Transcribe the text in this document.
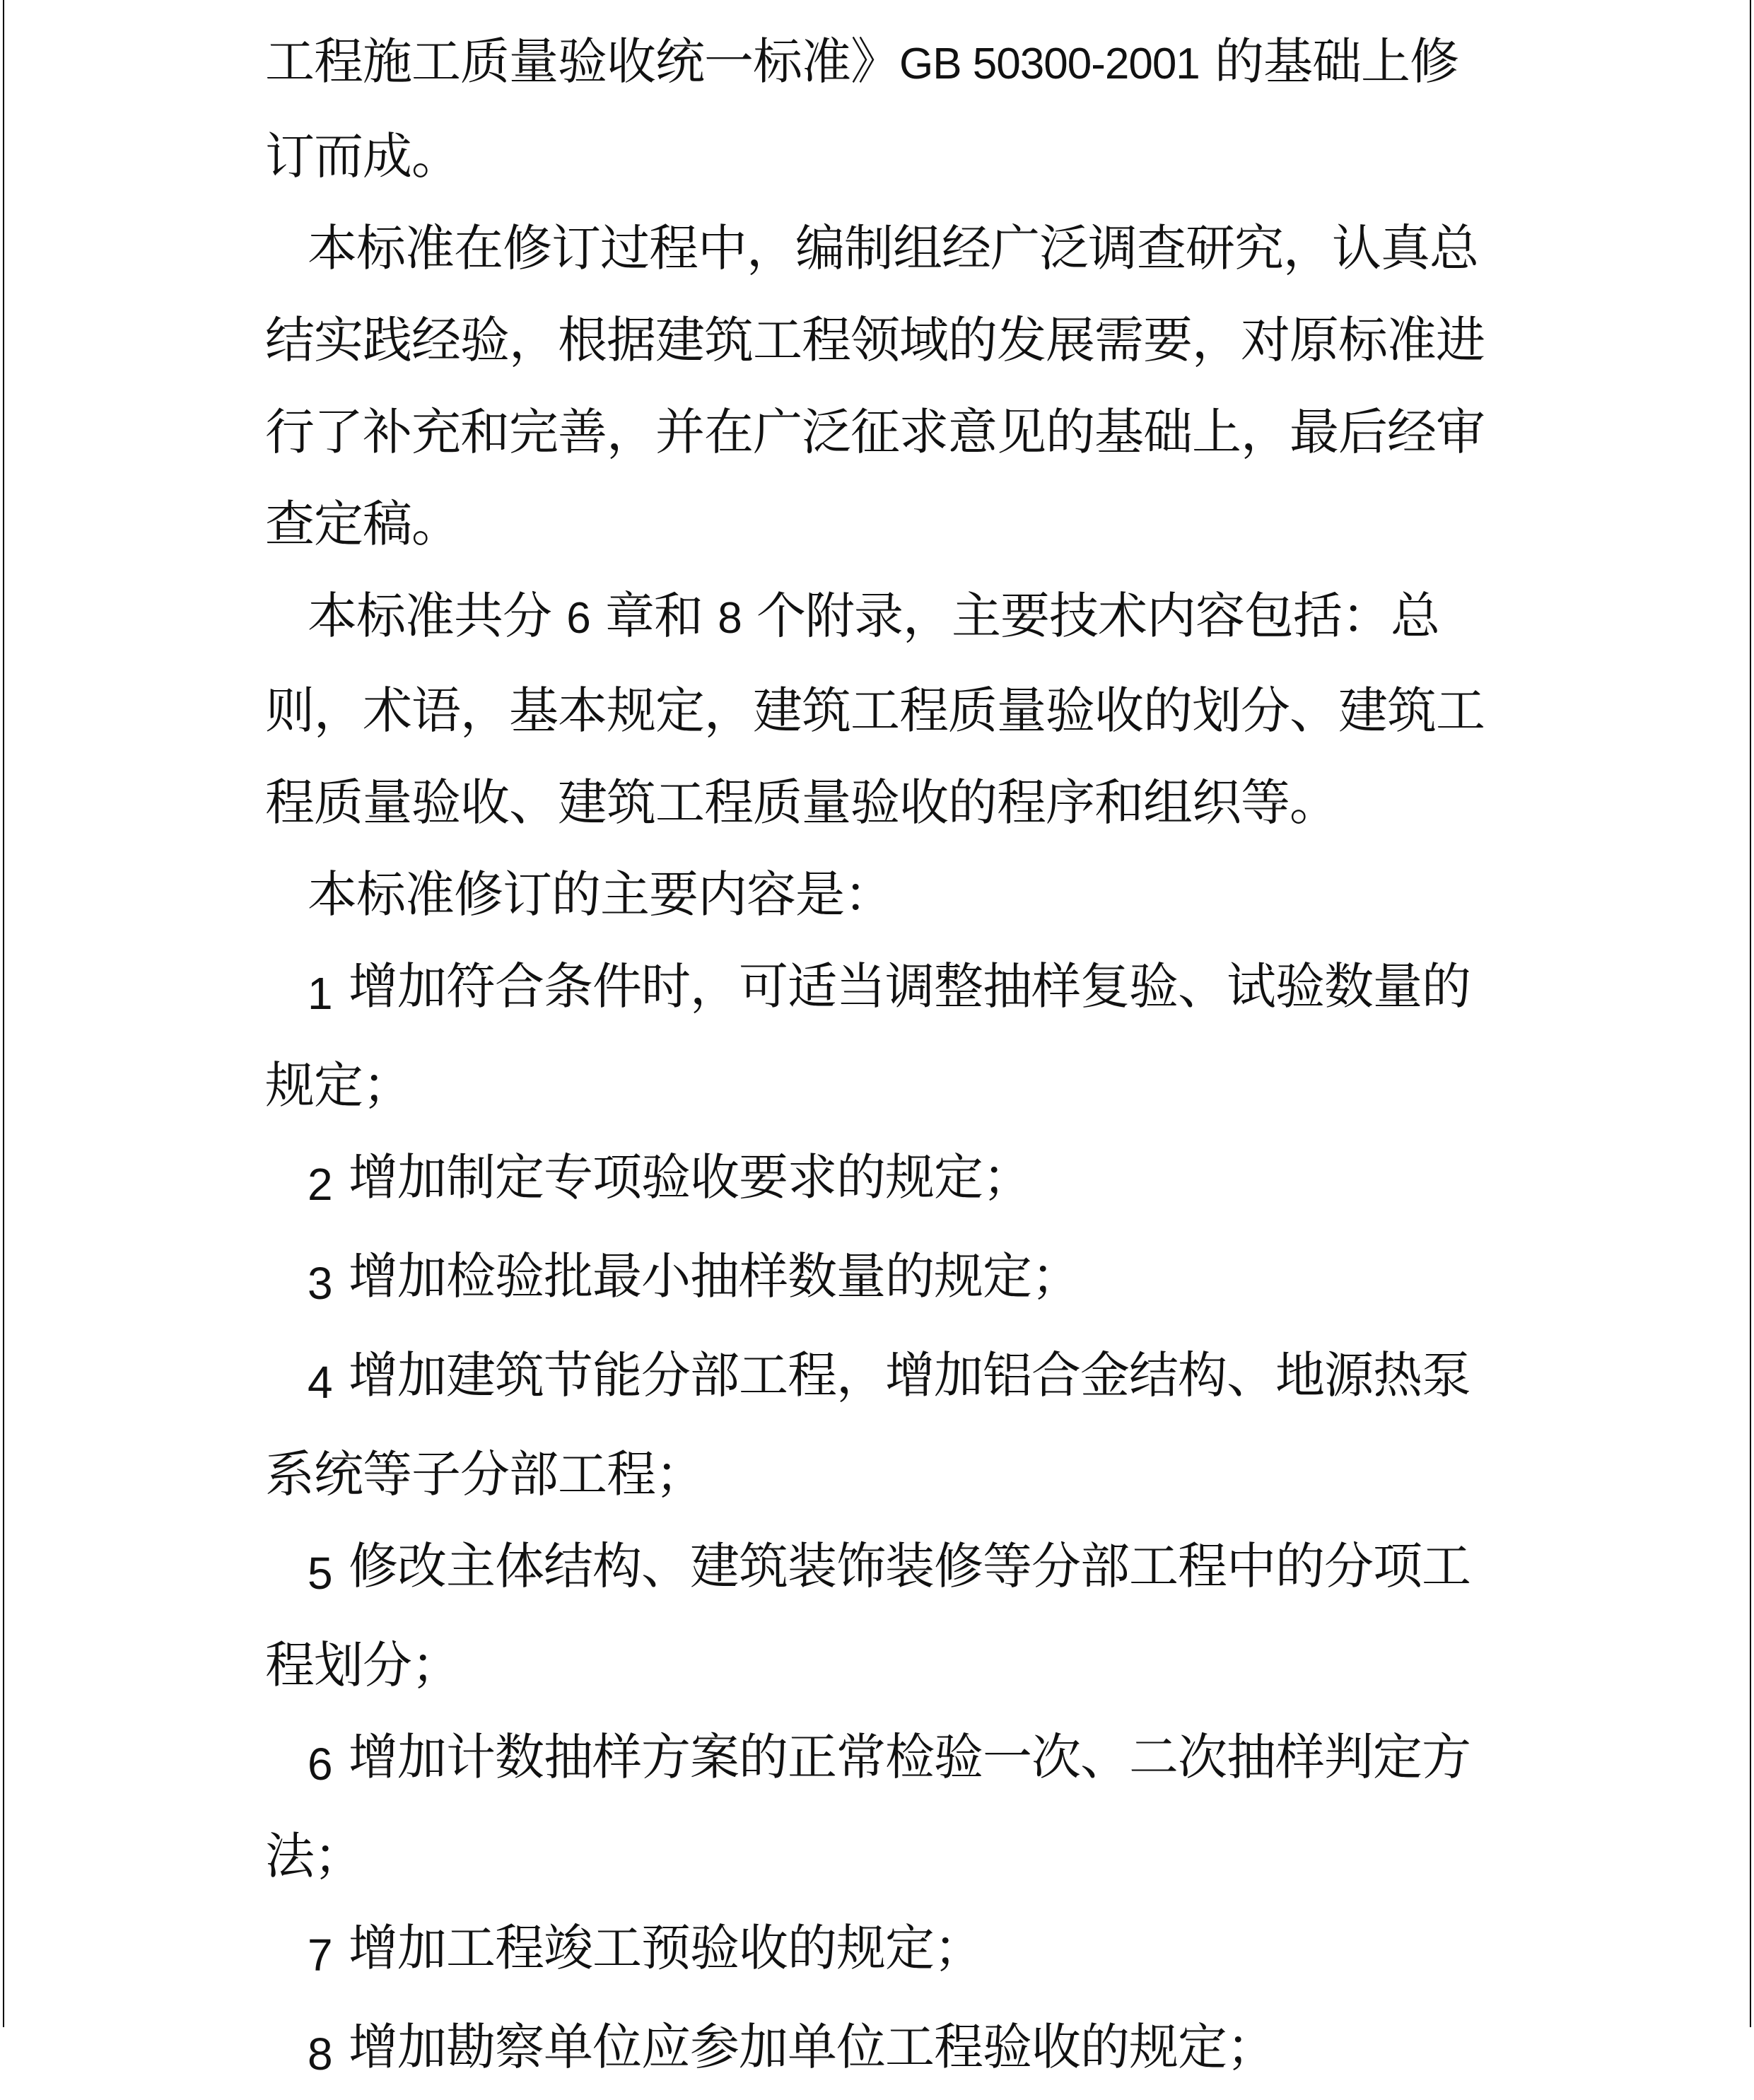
工程施工质量验收统一标准》GB 50300-2001 的基础上修订而成。

本标准在修订过程中，编制组经广泛调查研究，认真总结实践经验，根据建筑工程领域的发展需要，对原标准进行了补充和完善，并在广泛征求意见的基础上，最后经审查定稿。

本标准共分 6 章和 8 个附录，主要技术内容包括：总则，术语，基本规定，建筑工程质量验收的划分、建筑工程质量验收、建筑工程质量验收的程序和组织等。

本标准修订的主要内容是：

1 增加符合条件时，可适当调整抽样复验、试验数量的规定；

2 增加制定专项验收要求的规定；

3 增加检验批最小抽样数量的规定；

4 增加建筑节能分部工程，增加铝合金结构、地源热泵系统等子分部工程；

5 修改主体结构、建筑装饰装修等分部工程中的分项工程划分；

6 增加计数抽样方案的正常检验一次、二次抽样判定方法；

7 增加工程竣工预验收的规定；

8 增加勘察单位应参加单位工程验收的规定；
